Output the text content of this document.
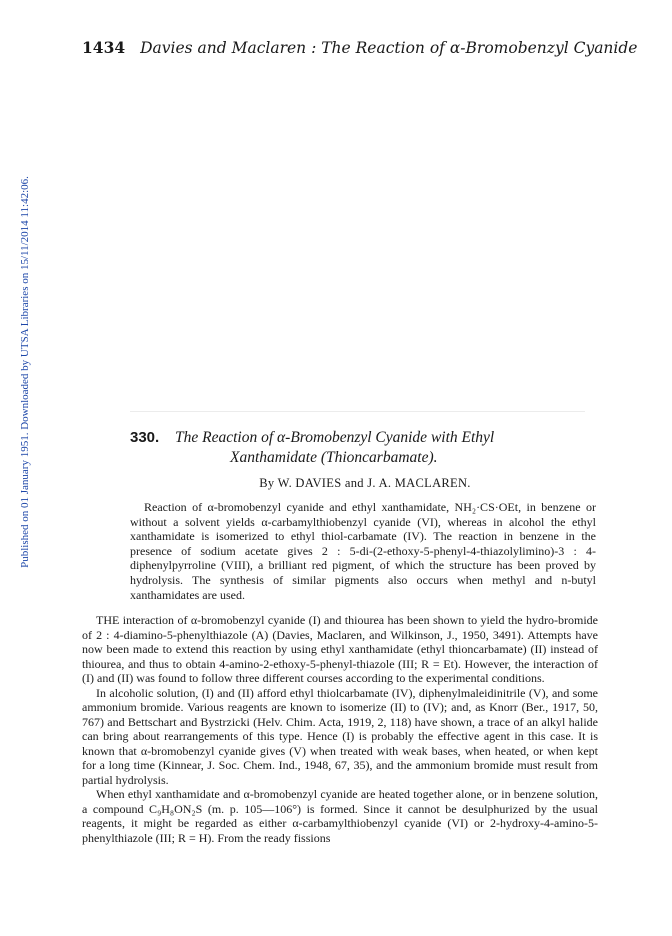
1434 Davies and Maclaren : The Reaction of α-Bromobenzyl Cyanide
Published on 01 January 1951. Downloaded by UTSA Libraries on 15/11/2014 11:42:06.	330. The Reaction of α-Bromobenzyl Cyanide with Ethyl
Xanthamidate (Thioncarbamate).
By W. DAVIES and J. A. MACLAREN.

Reaction of α-bromobenzyl cyanide and ethyl xanthamidate, NH₂·CS·OEt, in benzene or without a solvent yields α-carbamylthiobenzyl cyanide (VI), whereas in alcohol the ethyl xanthamidate is isomerized to ethyl thiol-carbamate (IV). The reaction in benzene in the presence of sodium acetate gives 2 : 5-di-(2-ethoxy-5-phenyl-4-thiazolylimino)-3 : 4-diphenylpyrroline (VIII), a brilliant red pigment, of which the structure has been proved by hydrolysis. The synthesis of similar pigments also occurs when methyl and n-butyl xanthamidates are used.

THE interaction of α-bromobenzyl cyanide (I) and thiourea has been shown to yield the hydro-bromide of 2 : 4-diamino-5-phenylthiazole (A) (Davies, Maclaren, and Wilkinson, J., 1950, 3491). Attempts have now been made to extend this reaction by using ethyl xanthamidate (ethyl thioncarbamate) (II) instead of thiourea, and thus to obtain 4-amino-2-ethoxy-5-phenyl-thiazole (III; R = Et). However, the interaction of (I) and (II) was found to follow three different courses according to the experimental conditions.

In alcoholic solution, (I) and (II) afford ethyl thiolcarbamate (IV), diphenylmaleidinitrile (V), and some ammonium bromide. Various reagents are known to isomerize (II) to (IV); and, as Knorr (Ber., 1917, 50, 767) and Bettschart and Bystrzicki (Helv. Chim. Acta, 1919, 2, 118) have shown, a trace of an alkyl halide can bring about rearrangements of this type. Hence (I) is probably the effective agent in this case. It is known that α-bromobenzyl cyanide gives (V) when treated with weak bases, when heated, or when kept for a long time (Kinnear, J. Soc. Chem. Ind., 1948, 67, 35), and the ammonium bromide must result from partial hydrolysis.

When ethyl xanthamidate and α-bromobenzyl cyanide are heated together alone, or in benzene solution, a compound C₉H₈ON₂S (m. p. 105—106°) is formed. Since it cannot be desulphurized by the usual reagents, it might be regarded as either α-carbamylthiobenzyl cyanide (VI) or 2-hydroxy-4-amino-5-phenylthiazole (III; R = H). From the ready fissions
